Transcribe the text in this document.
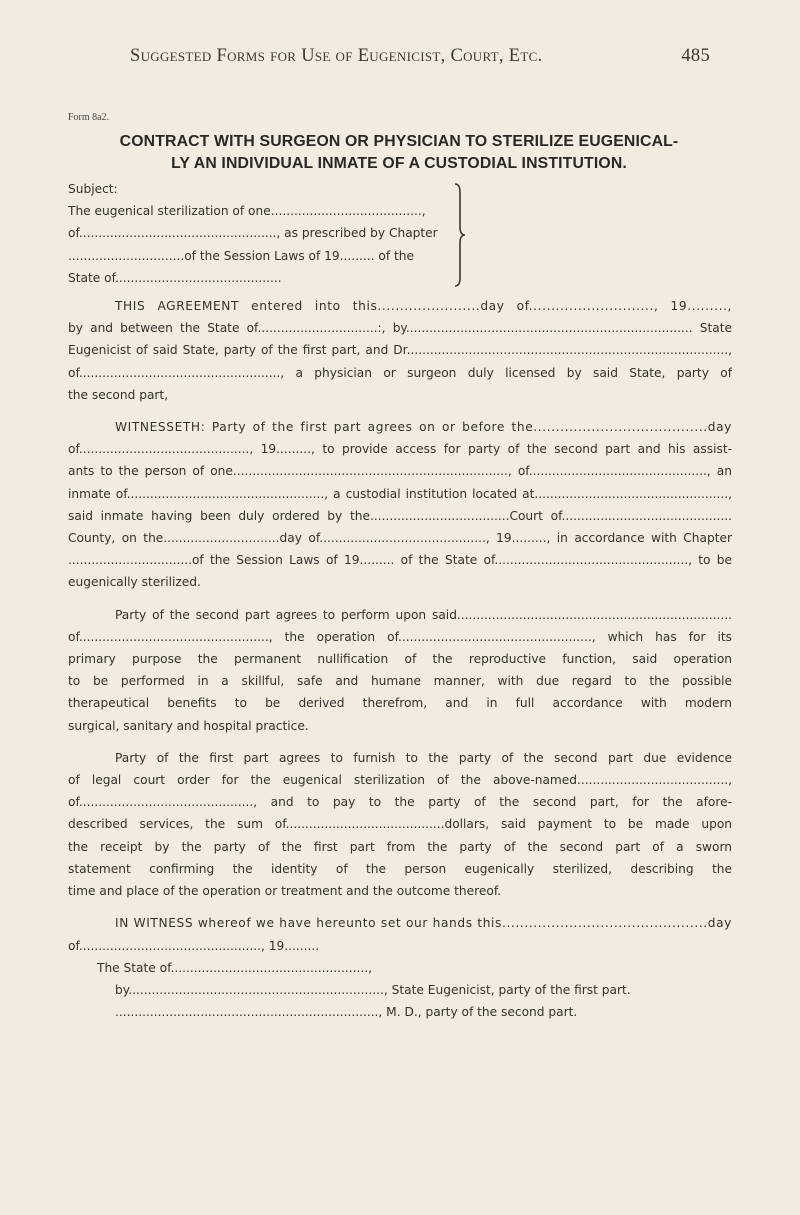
Suggested Forms for Use of Eugenicist, Court, Etc.	485
Form 8a2.
CONTRACT WITH SURGEON OR PHYSICIAN TO STERILIZE EUGENICAL-
LY AN INDIVIDUAL INMATE OF A CUSTODIAL INSTITUTION.
Subject:
The eugenical sterilization of one.......................................,
of..................................................., as prescribed by Chapter
..............................of the Session Laws of 19......... of the
State of...........................................
THIS AGREEMENT entered into this.......................day of............................, 19.........,
by and between the State of...............................:, by.......................................................................... State
Eugenicist of said State, party of the first part, and Dr...................................................................................,
of...................................................., a physician or surgeon duly licensed by said State, party of
the second part,
WITNESSETH: Party of the first part agrees on or before the.......................................day
of............................................, 19........., to provide access for party of the second part and his assist-
ants to the person of one......................................................................., of.............................................., an
inmate of..................................................., a custodial institution located at..................................................,
said inmate having been duly ordered by the....................................Court of............................................
County, on the..............................day of..........................................., 19........., in accordance with Chapter
................................of the Session Laws of 19......... of the State of.................................................., to be
eugenically sterilized.
Party of the second part agrees to perform upon said.......................................................................
of................................................., the operation of.................................................., which has for its
primary purpose the permanent nullification of the reproductive function, said operation
to be performed in a skillful, safe and humane manner, with due regard to the possible
therapeutical benefits to be derived therefrom, and in full accordance with modern
surgical, sanitary and hospital practice.
Party of the first part agrees to furnish to the party of the second part due evidence
of legal court order for the eugenical sterilization of the above-named.......................................,
of............................................., and to pay to the party of the second part, for the afore-
described services, the sum of.........................................dollars, said payment to be made upon
the receipt by the party of the first part from the party of the second part of a sworn
statement confirming the identity of the person eugenically sterilized, describing the
time and place of the operation or treatment and the outcome thereof.
IN WITNESS whereof we have hereunto set our hands this..............................................day
of..............................................., 19.........
The State of...................................................,
by.................................................................., State Eugenicist, party of the first part.
...................................................................., M. D., party of the second part.
